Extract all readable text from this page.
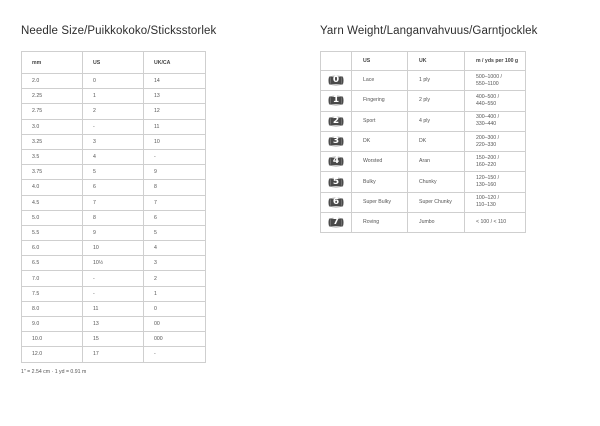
Needle Size/Puikkokoko/Sticksstorlek
mm	US	UK/CA
2.0	0	14
2.25	1	13
2.75	2	12
3.0	-	11
3.25	3	10
3.5	4	-
3.75	5	9
4.0	6	8
4.5	7	7
5.0	8	6
5.5	9	5
6.0	10	4
6.5	10½	3
7.0	-	2
7.5	-	1
8.0	11	0
9.0	13	00
10.0	15	000
12.0	17	-
1" = 2.54 cm · 1 yd = 0.91 m
Yarn Weight/Langanvahvuus/Garntjocklek
	US	UK	m / yds per 100 g

0	Lace	1 ply	500–1000 /
550–1100

1	Fingering	2 ply	400–500 /
440–550

2	Sport	4 ply	300–400 /
330–440

3	DK	DK	200–300 /
220–330

4	Worsted	Aran	150–200 /
160–220

5	Bulky	Chunky	120–150 /
130–160

6	Super Bulky	Super Chunky	100–120 /
110–130

7	Roving	Jumbo	< 100 / < 110
